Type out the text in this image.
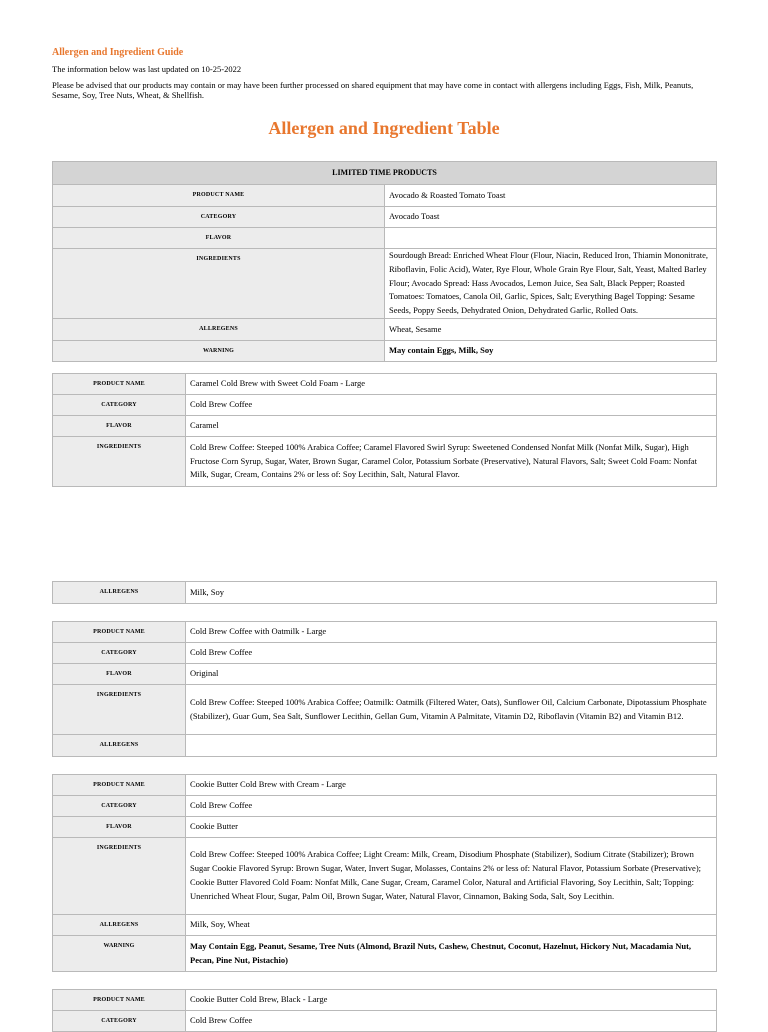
Allergen and Ingredient Guide
The information below was last updated on 10-25-2022
Please be advised that our products may contain or may have been further processed on shared equipment that may have come in contact with allergens including Eggs, Fish, Milk, Peanuts, Sesame, Soy, Tree Nuts, Wheat, & Shellfish.
Allergen and Ingredient Table
LIMITED TIME PRODUCTS	
PRODUCT NAME	Avocado & Roasted Tomato Toast
CATEGORY	Avocado Toast
FLAVOR	
INGREDIENTS	Sourdough Bread: Enriched Wheat Flour (Flour, Niacin, Reduced Iron, Thiamin Mononitrate, Riboflavin, Folic Acid), Water, Rye Flour, Whole Grain Rye Flour, Salt, Yeast, Malted Barley Flour; Avocado Spread: Hass Avocados, Lemon Juice, Sea Salt, Black Pepper; Roasted Tomatoes: Tomatoes, Canola Oil, Garlic, Spices, Salt; Everything Bagel Topping: Sesame Seeds, Poppy Seeds, Dehydrated Onion, Dehydrated Garlic, Rolled Oats.
ALLREGENS	Wheat, Sesame
WARNING	May contain Eggs, Milk, Soy
PRODUCT NAME	Caramel Cold Brew with Sweet Cold Foam - Large
CATEGORY	Cold Brew Coffee
FLAVOR	Caramel
INGREDIENTS	Cold Brew Coffee: Steeped 100% Arabica Coffee; Caramel Flavored Swirl Syrup: Sweetened Condensed Nonfat Milk (Nonfat Milk, Sugar), High Fructose Corn Syrup, Sugar, Water, Brown Sugar, Caramel Color, Potassium Sorbate (Preservative), Natural Flavors, Salt; Sweet Cold Foam: Nonfat Milk, Sugar, Cream, Contains 2% or less of: Soy Lecithin, Salt, Natural Flavor.
ALLREGENS	Milk, Soy
PRODUCT NAME	Cold Brew Coffee with Oatmilk - Large
CATEGORY	Cold Brew Coffee
FLAVOR	Original
INGREDIENTS	Cold Brew Coffee: Steeped 100% Arabica Coffee; Oatmilk: Oatmilk (Filtered Water, Oats), Sunflower Oil, Calcium Carbonate, Dipotassium Phosphate (Stabilizer), Guar Gum, Sea Salt, Sunflower Lecithin, Gellan Gum, Vitamin A Palmitate, Vitamin D2, Riboflavin (Vitamin B2) and Vitamin B12.
ALLREGENS	
PRODUCT NAME	Cookie Butter Cold Brew with Cream - Large
CATEGORY	Cold Brew Coffee
FLAVOR	Cookie Butter
INGREDIENTS	Cold Brew Coffee: Steeped 100% Arabica Coffee; Light Cream: Milk, Cream, Disodium Phosphate (Stabilizer), Sodium Citrate (Stabilizer); Brown Sugar Cookie Flavored Syrup: Brown Sugar, Water, Invert Sugar, Molasses, Contains 2% or less of: Natural Flavor, Potassium Sorbate (Preservative); Cookie Butter Flavored Cold Foam: Nonfat Milk, Cane Sugar, Cream, Caramel Color, Natural and Artificial Flavoring, Soy Lecithin, Salt; Topping: Unenriched Wheat Flour, Sugar, Palm Oil, Brown Sugar, Water, Natural Flavor, Cinnamon, Baking Soda, Salt, Soy Lecithin.
ALLREGENS	Milk, Soy, Wheat
WARNING	May Contain Egg, Peanut, Sesame, Tree Nuts (Almond, Brazil Nuts, Cashew, Chestnut, Coconut, Hazelnut, Hickory Nut, Macadamia Nut, Pecan, Pine Nut, Pistachio)
PRODUCT NAME	Cookie Butter Cold Brew, Black - Large
CATEGORY	Cold Brew Coffee
